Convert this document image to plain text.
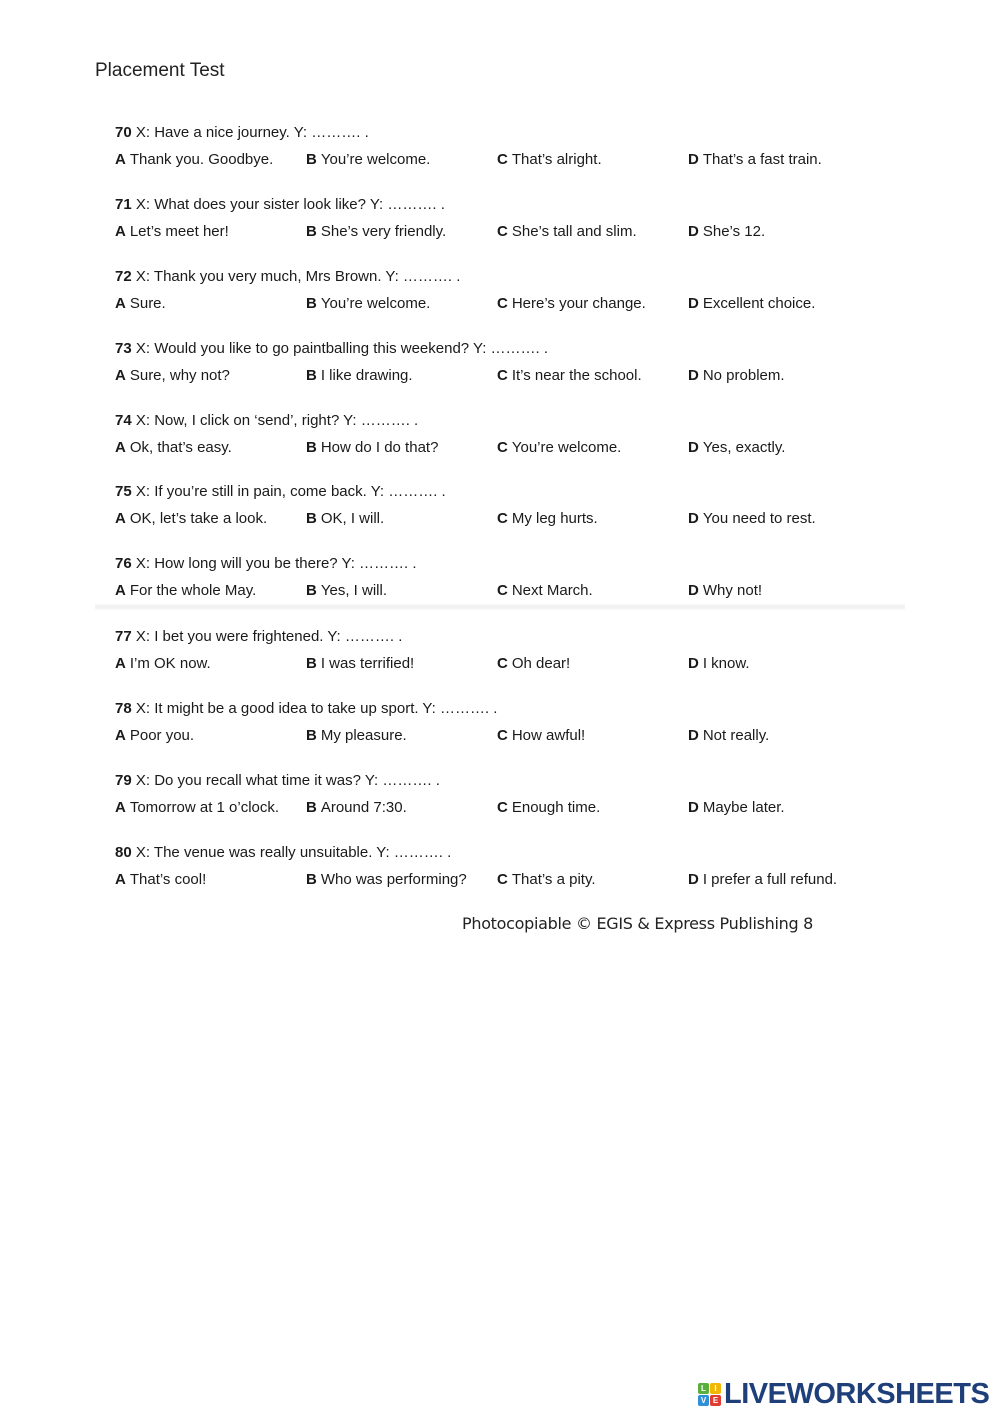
Placement Test
70 X: Have a nice journey. Y: ………. .
A Thank you. Goodbye. B You’re welcome.	C That’s alright.	D That’s a fast train.
71 X: What does your sister look like? Y: ………. .
A Let’s meet her!	B She’s very friendly.	C She’s tall and slim.	D She’s 12.
72 X: Thank you very much, Mrs Brown. Y: ………. .
A Sure.	B You’re welcome.	C Here’s your change.	D Excellent choice.
73 X: Would you like to go paintballing this weekend? Y: ………. .
A Sure, why not?	B I like drawing.	C It’s near the school.	D No problem.
74 X: Now, I click on ‘send’, right? Y: ………. .
A Ok, that’s easy.	B How do I do that?	C You’re welcome.	D Yes, exactly.
75 X: If you’re still in pain, come back. Y: ………. .
A OK, let’s take a look.	B OK, I will.	C My leg hurts.	D You need to rest.
76 X: How long will you be there? Y: ………. .
A For the whole May.	B Yes, I will.	C Next March.	D Why not!
77 X: I bet you were frightened. Y: ………. .
A I’m OK now.	B I was terrified!	C Oh dear!	D I know.
78 X: It might be a good idea to take up sport. Y: ………. .
A Poor you.	B My pleasure.	C How awful!	D Not really.
79 X: Do you recall what time it was? Y: ………. .
A Tomorrow at 1 o’clock. B Around 7:30.	C Enough time.	D Maybe later.
80 X: The venue was really unsuitable. Y: ………. .
A That’s cool!	B Who was performing? C That’s a pity.	D I prefer a full refund.
Photocopiable © EGIS & Express Publishing 8
L	I
V E LIVEWORKSHEETS
